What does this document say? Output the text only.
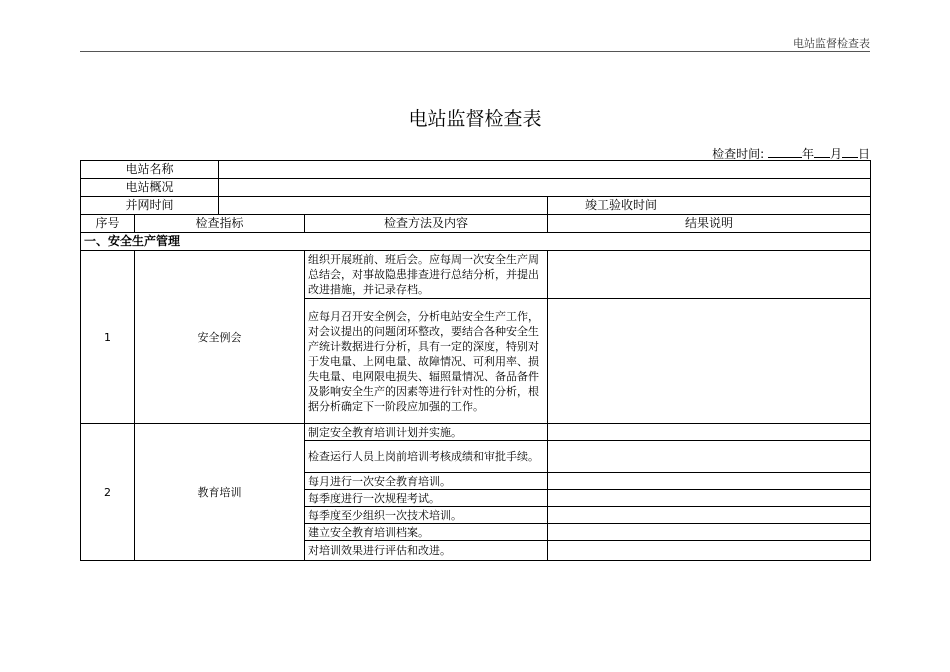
电站监督检查表
电站监督检查表
检查时间:	年 月 日
电站名称				
电站概况				
并网时间				竣工验收时间
序号	检查指标		检查方法及内容	结果说明
一、安全生产管理				
1	安全例会		组织开展班前、班后会。应每周一次安全生产周总结会，对事故隐患排查进行总结分析，并提出改进措施，并记录存档。	
			应每月召开安全例会，分析电站安全生产工作，对会议提出的问题闭环整改，要结合各种安全生产统计数据进行分析，具有一定的深度，特别对于发电量、上网电量、故障情况、可利用率、损失电量、电网限电损失、辐照量情况、备品备件及影响安全生产的因素等进行针对性的分析，根据分析确定下一阶段应加强的工作。	
2	教育培训		制定安全教育培训计划并实施。	
			检查运行人员上岗前培训考核成绩和审批手续。	
			每月进行一次安全教育培训。	
			每季度进行一次规程考试。	
			每季度至少组织一次技术培训。	
			建立安全教育培训档案。	
			对培训效果进行评估和改进。	
